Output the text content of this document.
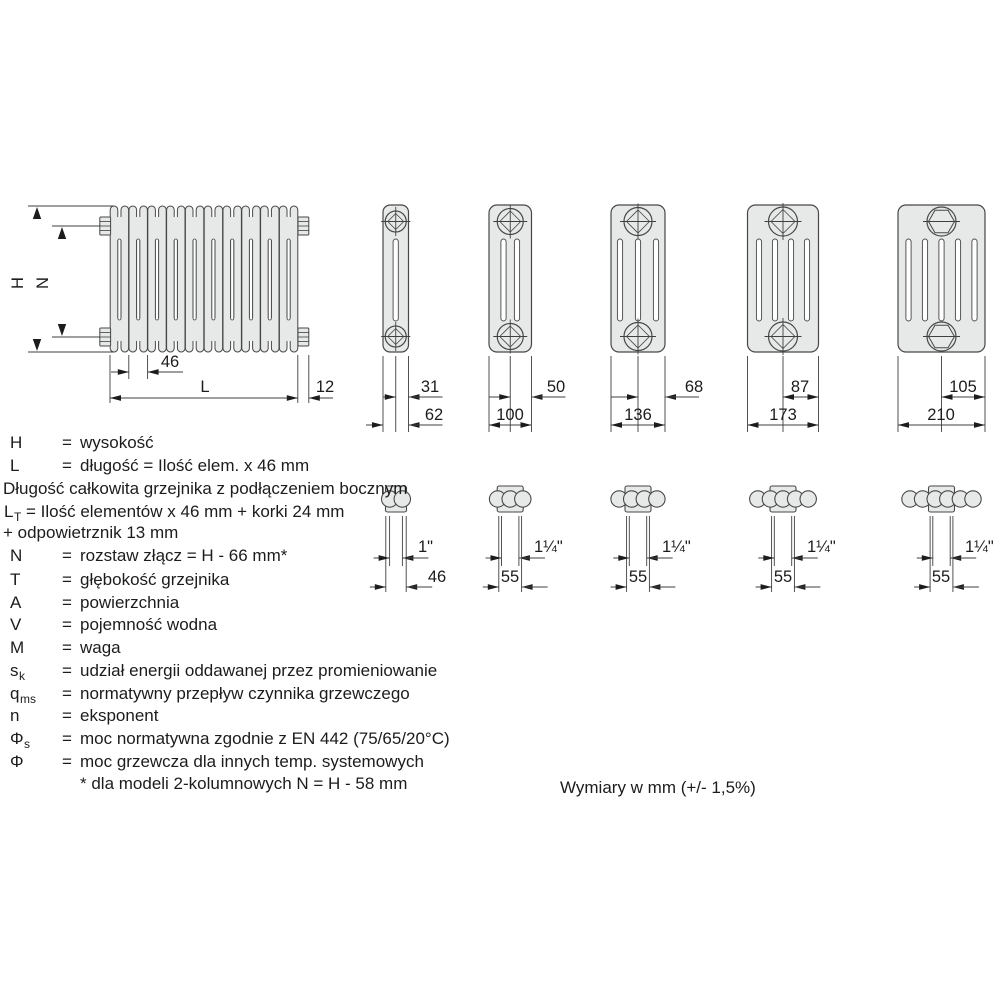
H N
46
L	12	31	50	68	87	105
62	100	136	173	210
1"	1¼"	1¼"	1¼"	1¼"
46	55	55	55	55
H = wysokość
L	= długość = Ilość elem. x 46 mm
Długość całkowita grzejnika z podłączeniem bocznym
L T = Ilość elementów x 46 mm + korki 24 mm
+ odpowietrznik 13 mm
N = rozstaw złącz = H - 66 mm*
T = głębokość grzejnika
A = powierzchnia
V = pojemność wodna
M = waga
s k = udział energii oddawanej przez promieniowanie
q ms = normatywny przepływ czynnika grzewczego
n	= eksponent
Φ s = moc normatywna zgodnie z EN 442 (75/65/20°C)
Φ = moc grzewcza dla innych temp. systemowych
* dla modeli 2-kolumnowych N = H - 58 mm	Wymiary w mm (+/- 1,5%)
